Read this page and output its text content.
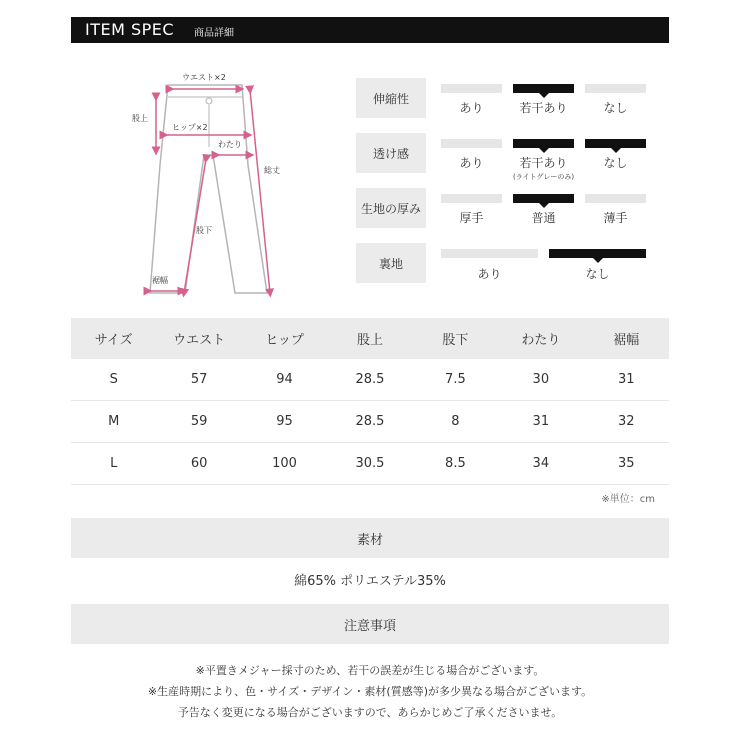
ITEM SPEC 商品詳細
ウエスト×2
股上
ヒップ×2
わたり
総丈
股下
裾幅
伸縮性
あり	若干あり	なし
透け感
あり	若干あり	なし
(ライトグレーのみ)
生地の厚み
厚手	普通	薄手
裏地
あり	なし
サイズ	ウエスト	ヒップ	股上	股下	わたり	裾幅
S	57	94	28.5	7.5	30	31
M	59	95	28.5	8	31	32
L	60	100	30.5	8.5	34	35
※単位：cm
素材
綿65% ポリエステル35%
注意事項
※平置きメジャー採寸のため、若干の誤差が生じる場合がございます。
※生産時期により、色・サイズ・デザイン・素材(質感等)が多少異なる場合がございます。
予告なく変更になる場合がございますので、あらかじめご了承くださいませ。
